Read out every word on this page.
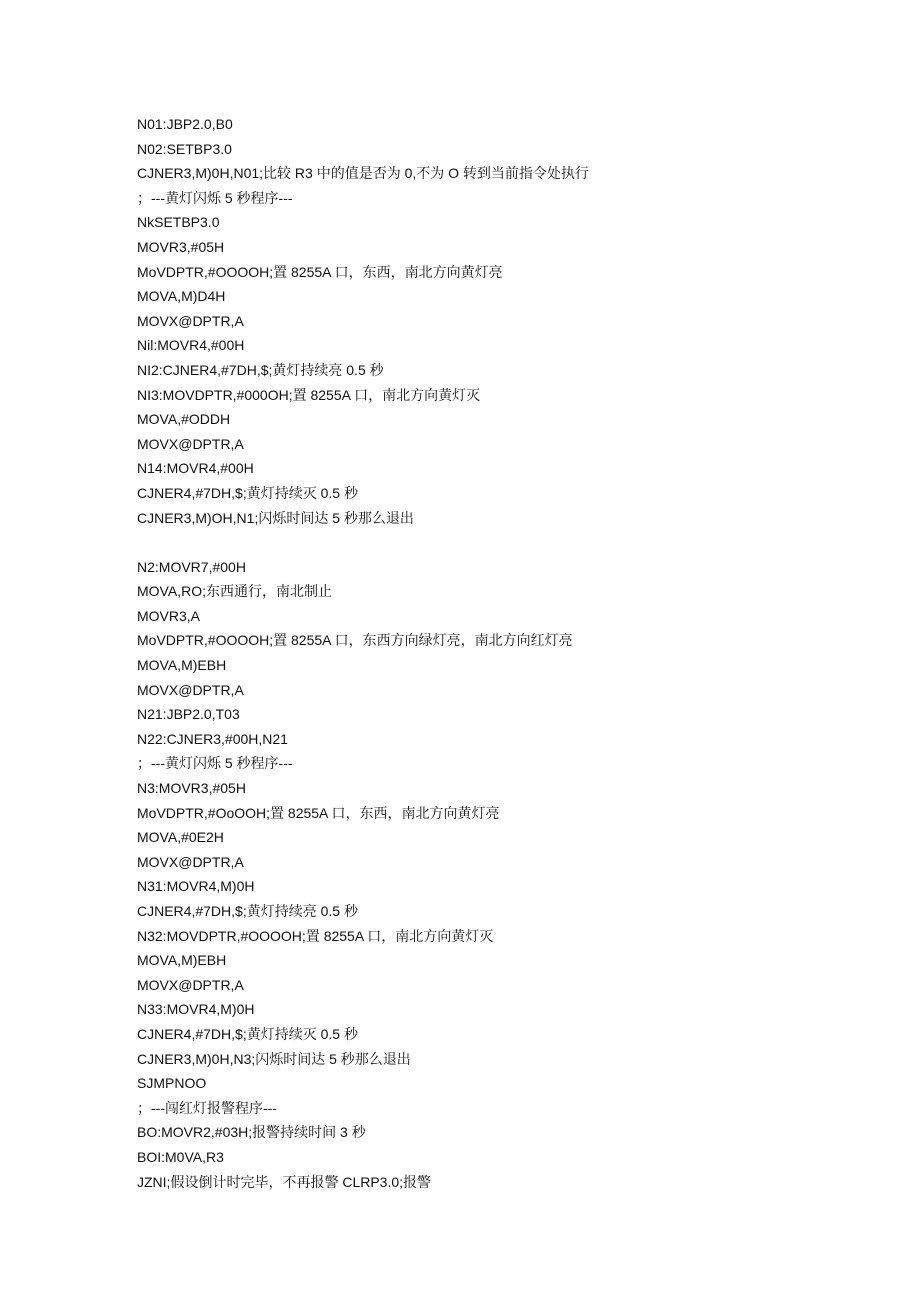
N01:JBP2.0,B0
N02:SETBP3.0
CJNER3,M)0H,N01;比较 R3 中的值是否为 0,不为 O 转到当前指令处执行
；---黄灯闪烁 5 秒程序---
NkSETBP3.0
MOVR3,#05H
MoVDPTR,#OOOOH;置 8255A 口，东西，南北方向黄灯亮
MOVA,M)D4H
MOVX@DPTR,A
Nil:MOVR4,#00H
NI2:CJNER4,#7DH,$;黄灯持续亮 0.5 秒
NI3:MOVDPTR,#000OH;置 8255A 口，南北方向黄灯灭
MOVA,#ODDH
MOVX@DPTR,A
N14:MOVR4,#00H
CJNER4,#7DH,$;黄灯持续灭 0.5 秒
CJNER3,M)OH,N1;闪烁时间达 5 秒那么退出
N2:MOVR7,#00H
MOVA,RO;东西通行，南北制止
MOVR3,A
MoVDPTR,#OOOOH;置 8255A 口，东西方向绿灯亮，南北方向红灯亮
MOVA,M)EBH
MOVX@DPTR,A
N21:JBP2.0,T03
N22:CJNER3,#00H,N21
；---黄灯闪烁 5 秒程序---
N3:MOVR3,#05H
MoVDPTR,#OoOOH;置 8255A 口，东西，南北方向黄灯亮
MOVA,#0E2H
MOVX@DPTR,A
N31:MOVR4,M)0H
CJNER4,#7DH,$;黄灯持续亮 0.5 秒
N32:MOVDPTR,#OOOOH;置 8255A 口，南北方向黄灯灭
MOVA,M)EBH
MOVX@DPTR,A
N33:MOVR4,M)0H
CJNER4,#7DH,$;黄灯持续灭 0.5 秒
CJNER3,M)0H,N3;闪烁时间达 5 秒那么退出
SJMPNOO
；---闯红灯报警程序---
BO:MOVR2,#03H;报警持续时间 3 秒
BOI:M0VA,R3
JZNI;假设倒计时完毕，不再报警 CLRP3.0;报警
